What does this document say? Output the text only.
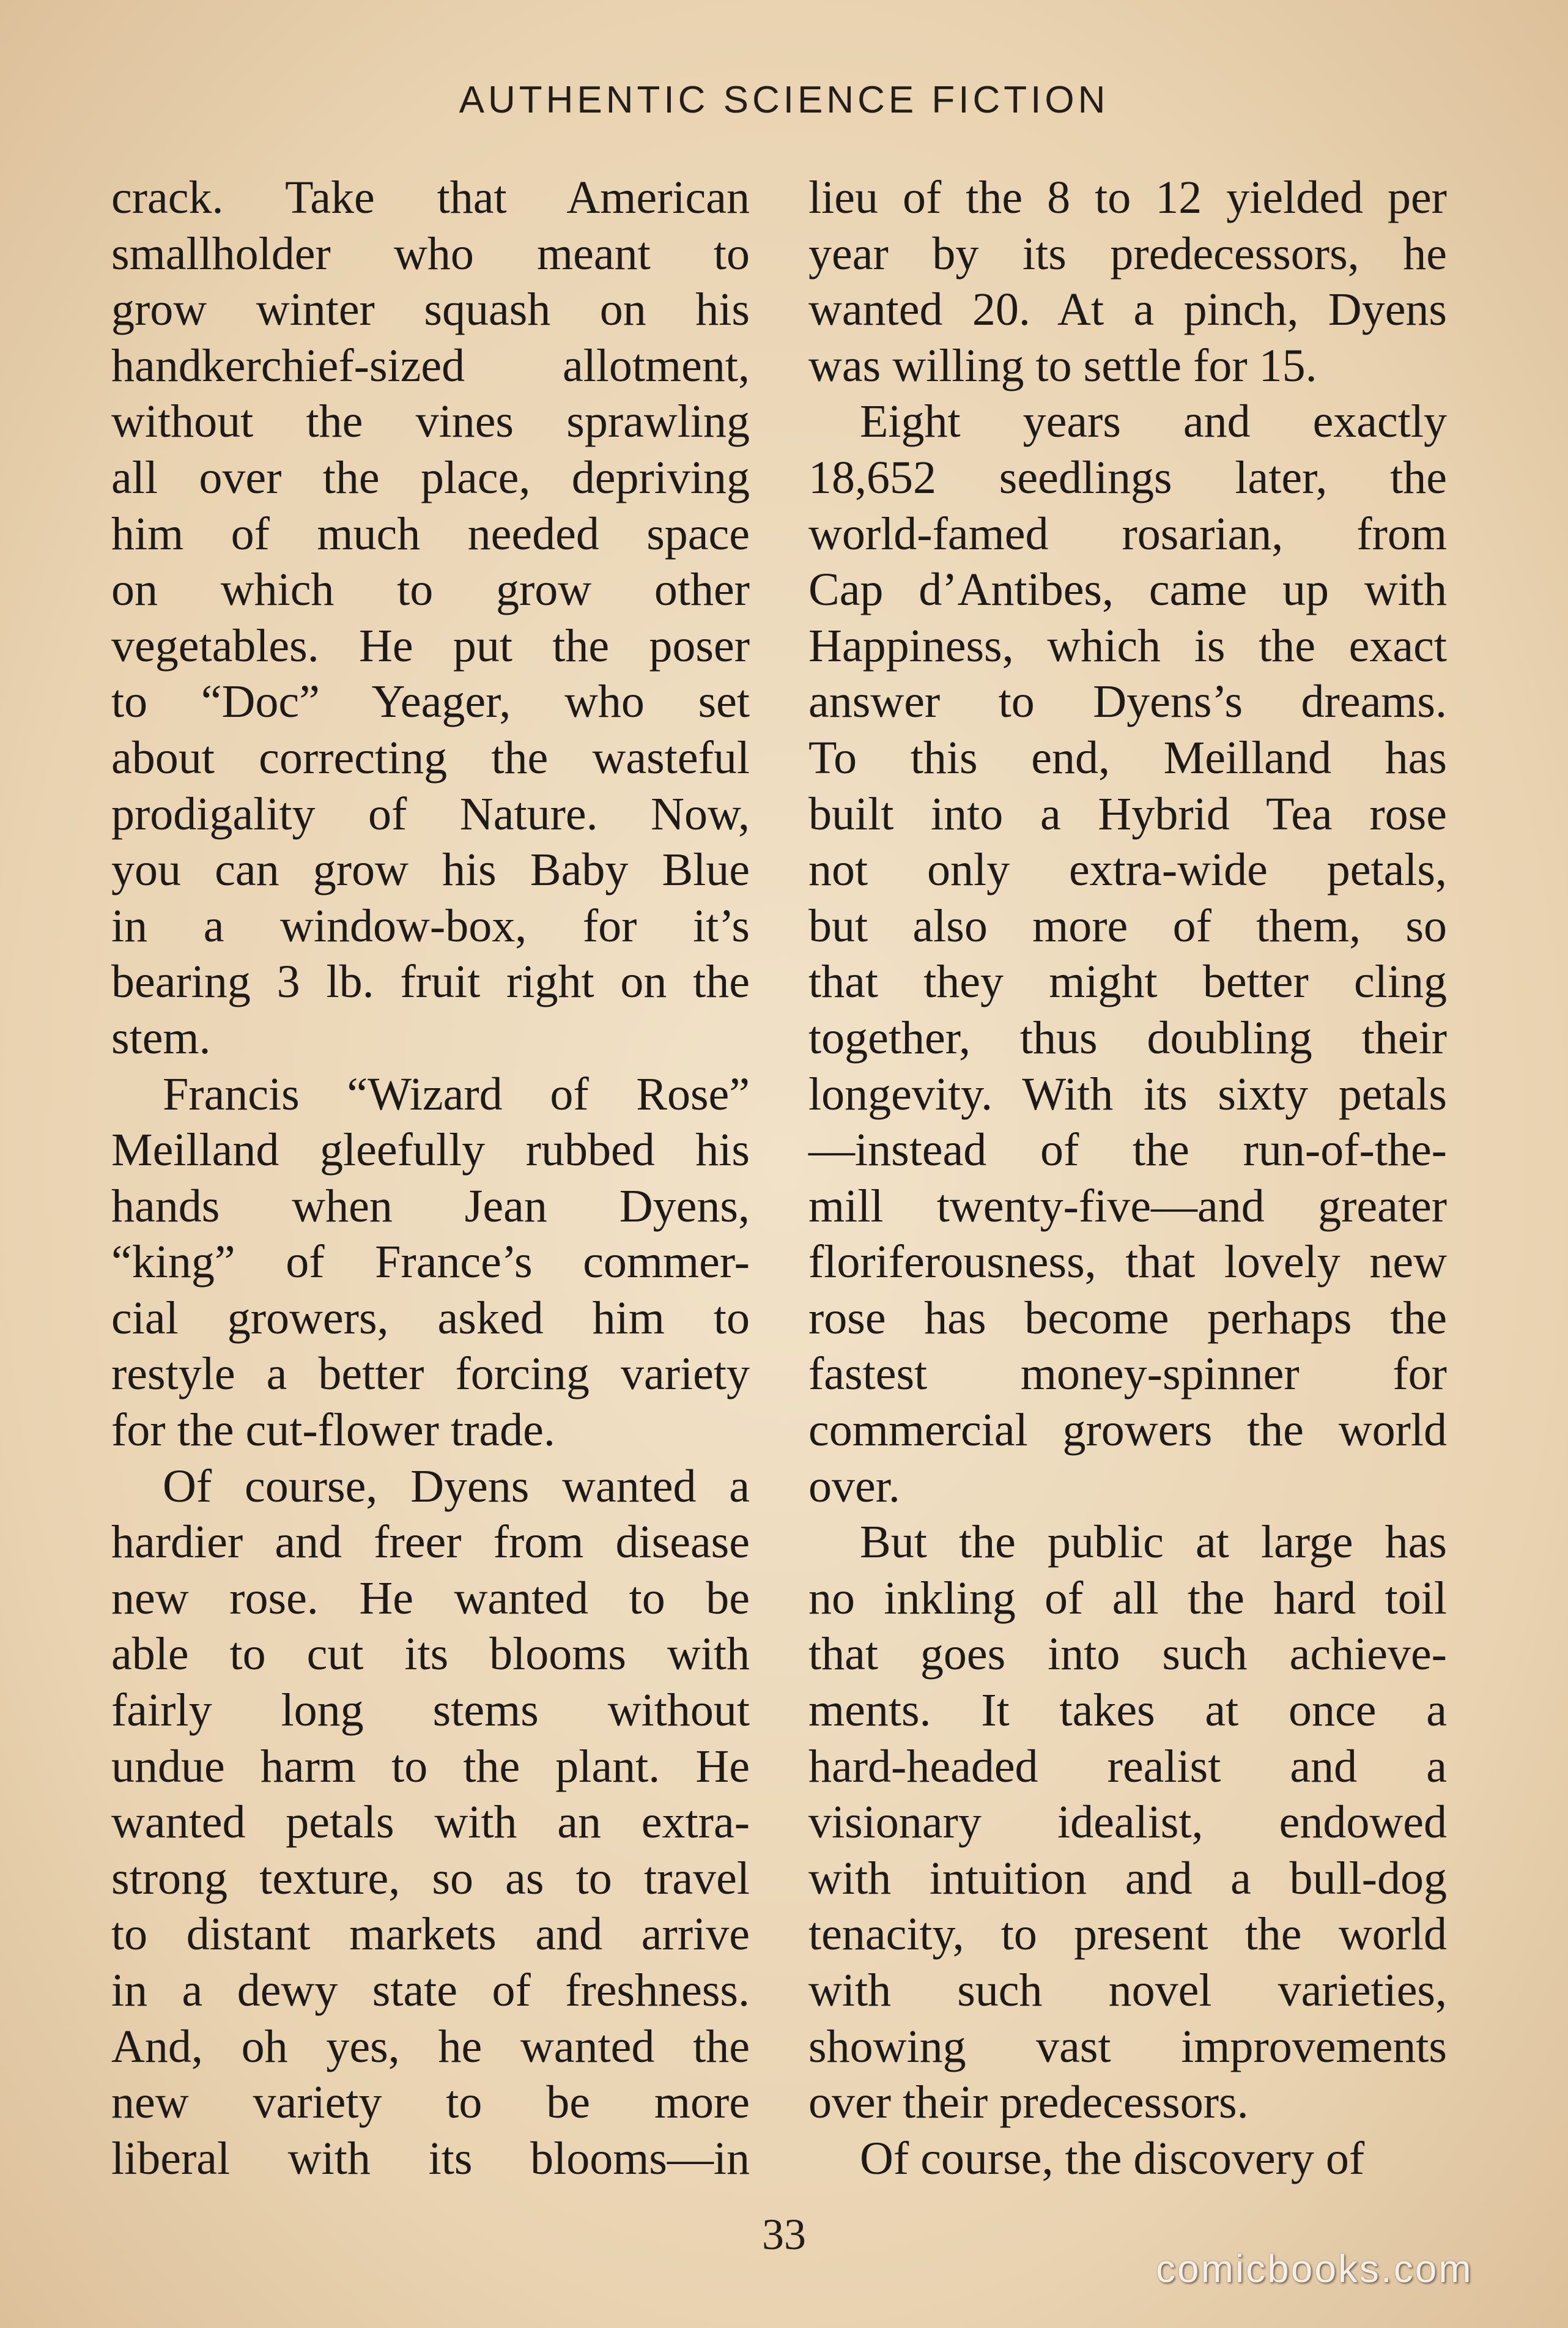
AUTHENTIC SCIENCE FICTION
crack. Take that American
smallholder who meant to
grow winter squash on his
handkerchief-sized allotment,
without the vines sprawling
all over the place, depriving
him of much needed space
on which to grow other
vegetables. He put the poser
to “Doc” Yeager, who set
about correcting the wasteful
prodigality of Nature. Now,
you can grow his Baby Blue
in a window-box, for it’s
bearing 3 lb. fruit right on the
stem.
Francis “Wizard of Rose”
Meilland gleefully rubbed his
hands when Jean Dyens,
“king” of France’s commer-
cial growers, asked him to
restyle a better forcing variety
for the cut-flower trade.
Of course, Dyens wanted a
hardier and freer from disease
new rose. He wanted to be
able to cut its blooms with
fairly long stems without
undue harm to the plant. He
wanted petals with an extra-
strong texture, so as to travel
to distant markets and arrive
in a dewy state of freshness.
And, oh yes, he wanted the
new variety to be more
liberal with its blooms—in
lieu of the 8 to 12 yielded per
year by its predecessors, he
wanted 20. At a pinch, Dyens
was willing to settle for 15.
Eight years and exactly
18,652 seedlings later, the
world-famed rosarian, from
Cap d’Antibes, came up with
Happiness, which is the exact
answer to Dyens’s dreams.
To this end, Meilland has
built into a Hybrid Tea rose
not only extra-wide petals,
but also more of them, so
that they might better cling
together, thus doubling their
longevity. With its sixty petals
—instead of the run-of-the-
mill twenty-five—and greater
floriferousness, that lovely new
rose has become perhaps the
fastest money-spinner for
commercial growers the world
over.
But the public at large has
no inkling of all the hard toil
that goes into such achieve-
ments. It takes at once a
hard-headed realist and a
visionary idealist, endowed
with intuition and a bull-dog
tenacity, to present the world
with such novel varieties,
showing vast improvements
over their predecessors.
Of course, the discovery of
33
comicbooks.com
